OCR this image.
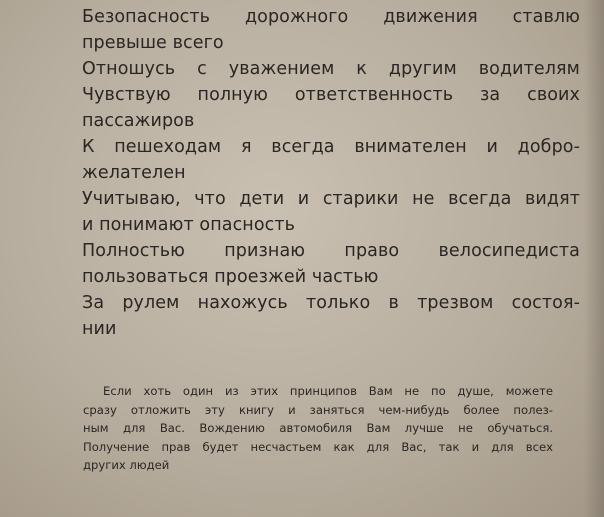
Безопасность дорожного движения ставлю
превыше всего
Отношусь с уважением к другим водителям
Чувствую полную ответственность за своих
пассажиров
К пешеходам я всегда внимателен и добро-
желателен
Учитываю, что дети и старики не всегда видят
и понимают опасность
Полностью признаю право велосипедиста
пользоваться проезжей частью
За рулем нахожусь только в трезвом состоя-
нии
Если хоть один из этих принципов Вам не по душе, можете
сразу отложить эту книгу и заняться чем-нибудь более полез-
ным для Вас. Вождению автомобиля Вам лучше не обучаться.
Получение прав будет несчастьем как для Вас, так и для всех
других людей
